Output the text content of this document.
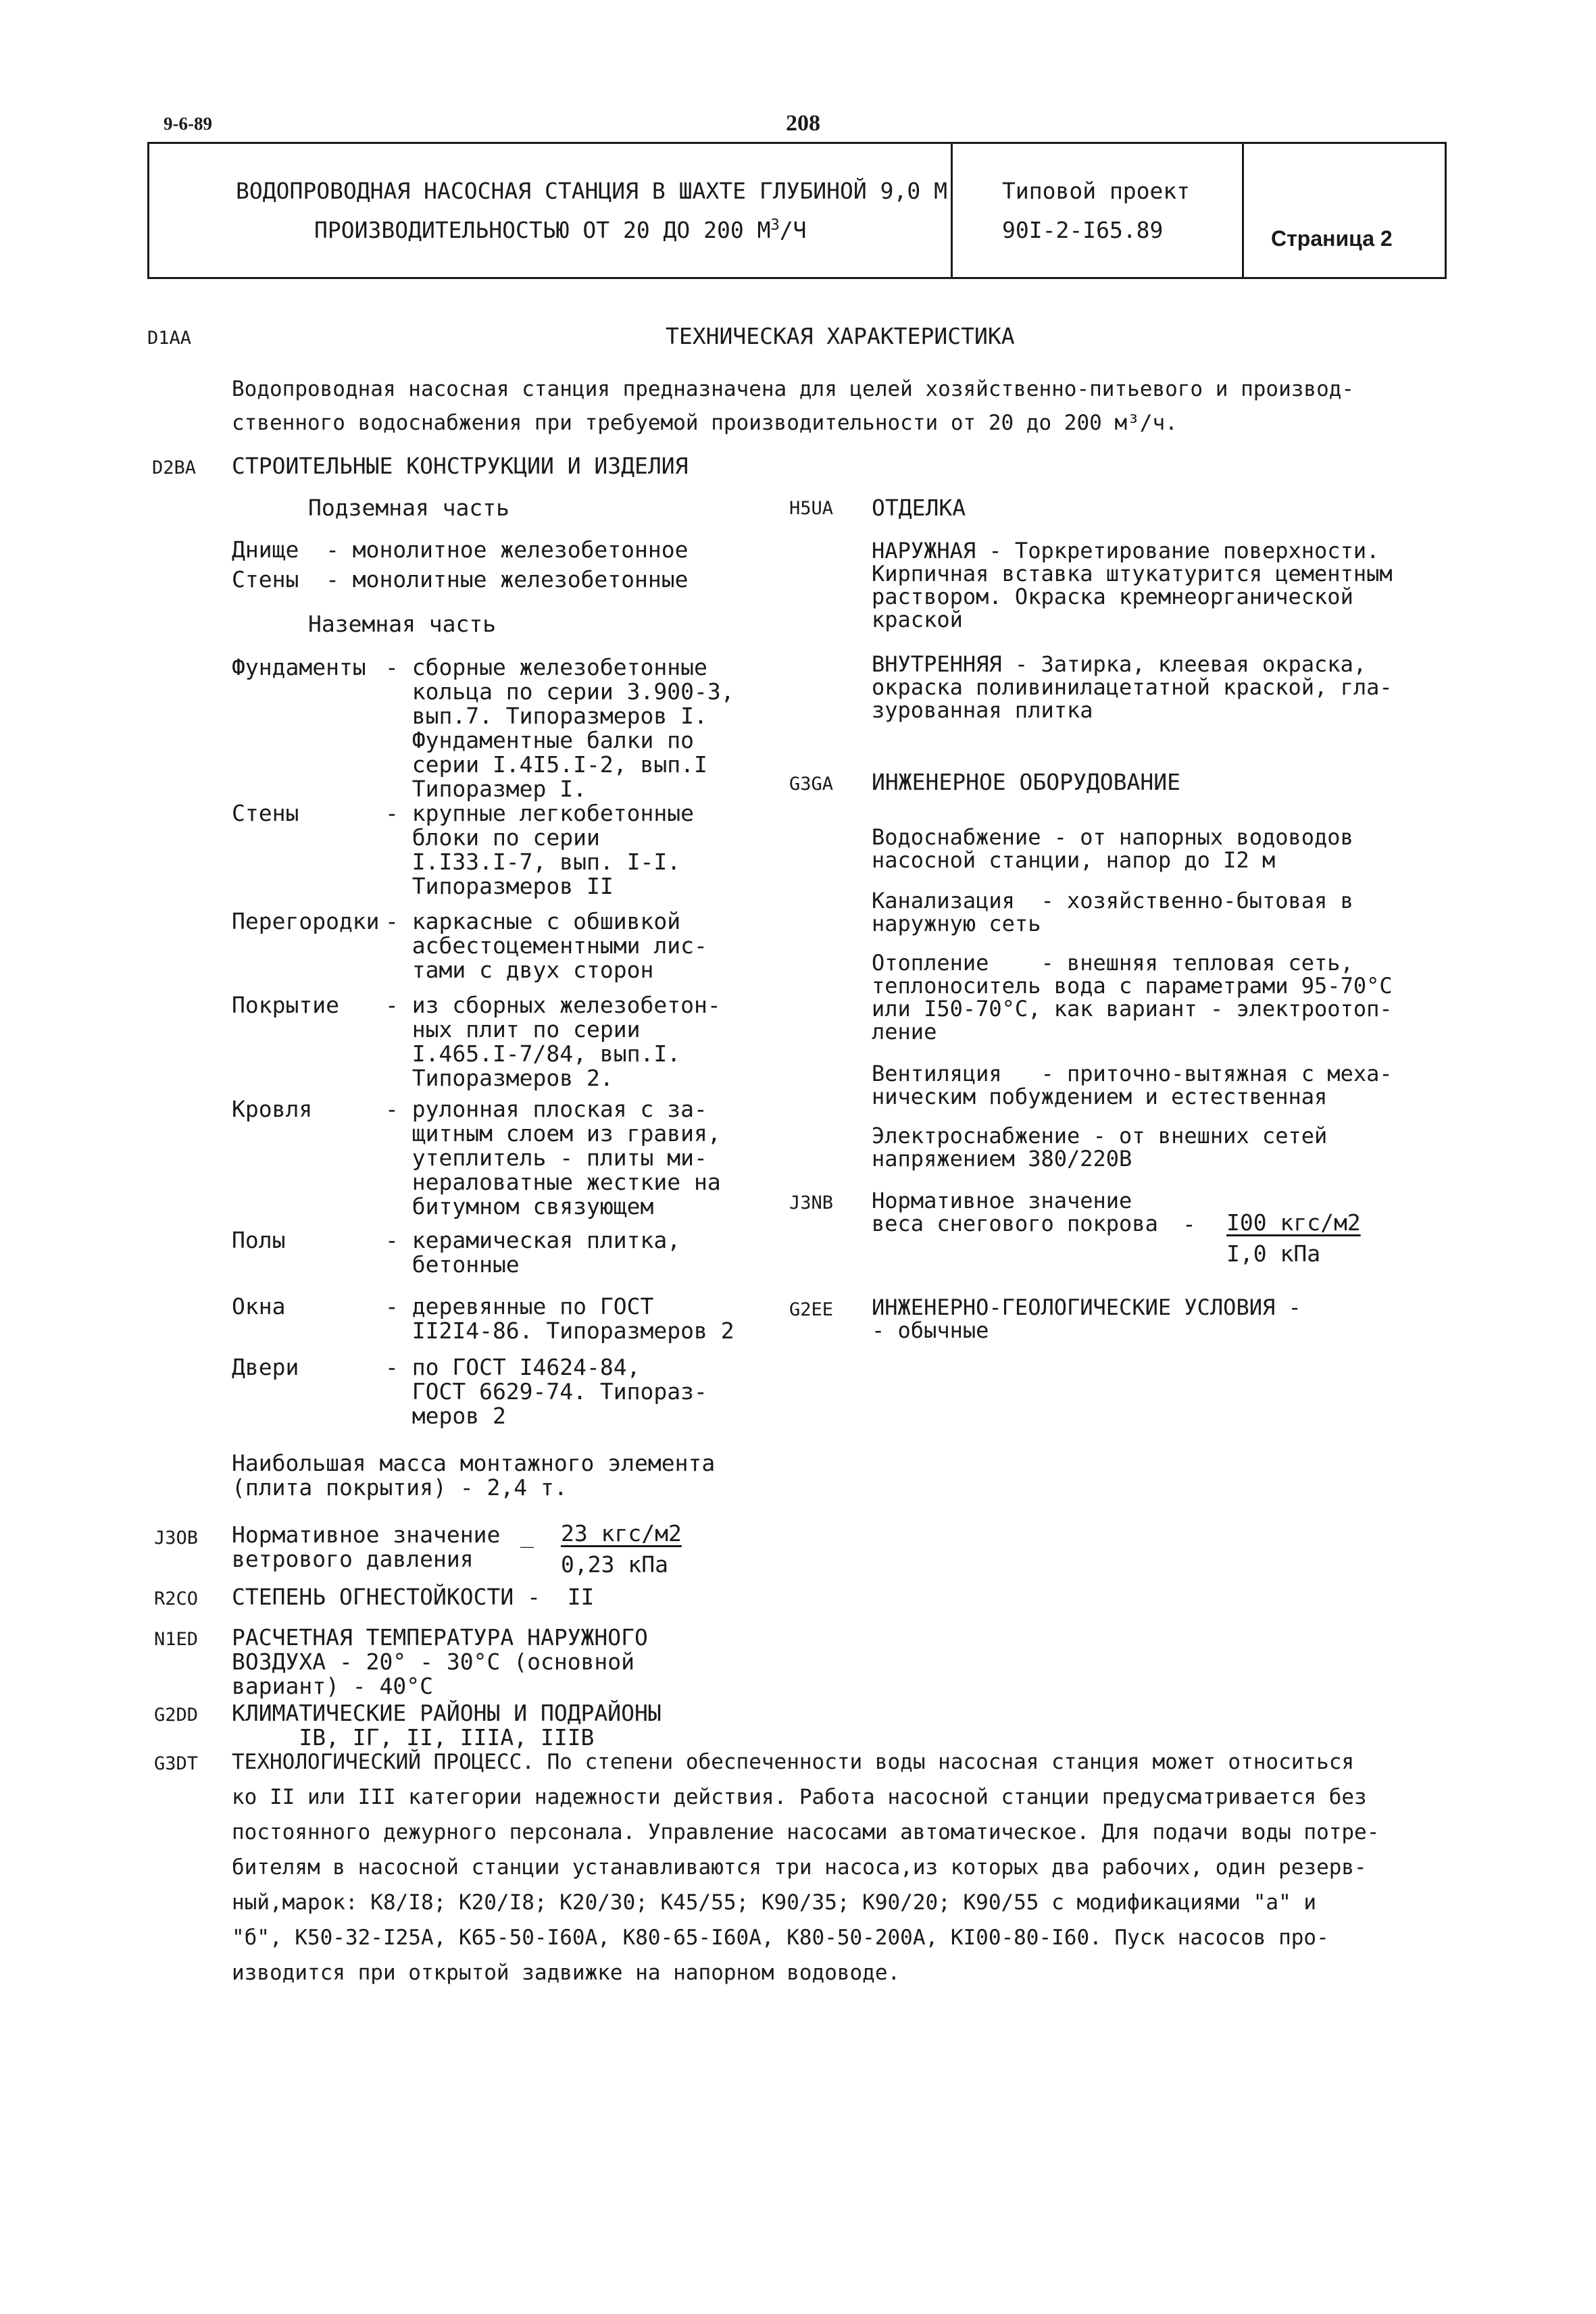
9-6-89	208
ВОДОПРОВОДНАЯ НАСОСНАЯ СТАНЦИЯ В ШАХТЕ ГЛУБИНОЙ 9,0 М
ПРОИЗВОДИТЕЛЬНОСТЬЮ ОТ 20 ДО 200 $М^3/Ч$
Типовой проект
90I-2-I65.89	Страница 2
D1AA
D2BA
H5UA
G3GA
J3NB
G2EE
J3OB
R2CO
N1ED
G2DD
G3DT
ТЕХНИЧЕСКАЯ ХАРАКТЕРИСТИКА
Водопроводная насосная станция предназначена для целей хозяйственно-питьевого и производ-
ственного водоснабжения при требуемой производительности от 20 до 200 м³/ч.
СТРОИТЕЛЬНЫЕ КОНСТРУКЦИИ И ИЗДЕЛИЯ
Подземная часть
Днище  - монолитное железобетонное
Стены  - монолитные железобетонные
Наземная часть
Фундаменты - сборные железобетонные
кольца по серии 3.900-3,
вып.7. Типоразмеров I.
Фундаментные балки по
серии I.4I5.I-2, вып.I
Типоразмер I.
Стены	- крупные легкобетонные
блоки по серии
I.I33.I-7, вып. I-I.
Типоразмеров II
Перегородки - каркасные с обшивкой
асбестоцементными лис-
тами с двух сторон
Покрытие - из сборных железобетон-
ных плит по серии
I.465.I-7/84, вып.I.
Типоразмеров 2.
Кровля	- рулонная плоская с за-
щитным слоем из гравия,
утеплитель - плиты ми-
нераловатные жесткие на
битумном связующем
Полы	- керамическая плитка,
бетонные
Окна	- деревянные по ГОСТ
II2I4-86. Типоразмеров 2
Двери	- по ГОСТ I4624-84,
ГОСТ 6629-74. Типораз-
меров 2
Наибольшая масса монтажного элемента
(плита покрытия) - 2,4 т.
Нормативное значение
ветрового давления
_ 23 кгс/м2
0,23 кПа
СТЕПЕНЬ ОГНЕСТОЙКОСТИ -  II
РАСЧЕТНАЯ ТЕМПЕРАТУРА НАРУЖНОГО
ВОЗДУХА - 20° - 30°С (основной
вариант) - 40°С
КЛИМАТИЧЕСКИЕ РАЙОНЫ И ПОДРАЙОНЫ
IВ, IГ, II, IIIА, IIIВ
ТЕХНОЛОГИЧЕСКИЙ ПРОЦЕСС. По степени обеспеченности воды насосная станция может относиться
ко II или III категории надежности действия. Работа насосной станции предусматривается без
постоянного дежурного персонала. Управление насосами автоматическое. Для подачи воды потре-
бителям в насосной станции устанавливаются три насоса,из которых два рабочих, один резерв-
ный,марок: К8/I8; К20/I8; К20/30; К45/55; К90/35; К90/20; К90/55 с модификациями "а" и
"б", К50-32-I25А, К65-50-I60А, К80-65-I60А, К80-50-200А, КI00-80-I60. Пуск насосов про-
изводится при открытой задвижке на напорном водоводе.
ОТДЕЛКА
НАРУЖНАЯ - Торкретирование поверхности.
Кирпичная вставка штукатурится цементным
раствором. Окраска кремнеорганической
краской
ВНУТРЕННЯЯ - Затирка, клеевая окраска,
окраска поливинилацетатной краской, гла-
зурованная плитка
ИНЖЕНЕРНОЕ ОБОРУДОВАНИЕ
Водоснабжение - от напорных водоводов
насосной станции, напор до I2 м
Канализация  - хозяйственно-бытовая в
наружную сеть
Отопление    - внешняя тепловая сеть,
теплоноситель вода с параметрами 95-70°С
или I50-70°С, как вариант - электроотоп-
ление
Вентиляция   - приточно-вытяжная с меха-
ническим побуждением и естественная
Электроснабжение - от внешних сетей
напряжением 380/220В
Нормативное значение
веса снегового покрова - I00 кгс/м2
I,0 кПа
ИНЖЕНЕРНО-ГЕОЛОГИЧЕСКИЕ УСЛОВИЯ -
- обычные
